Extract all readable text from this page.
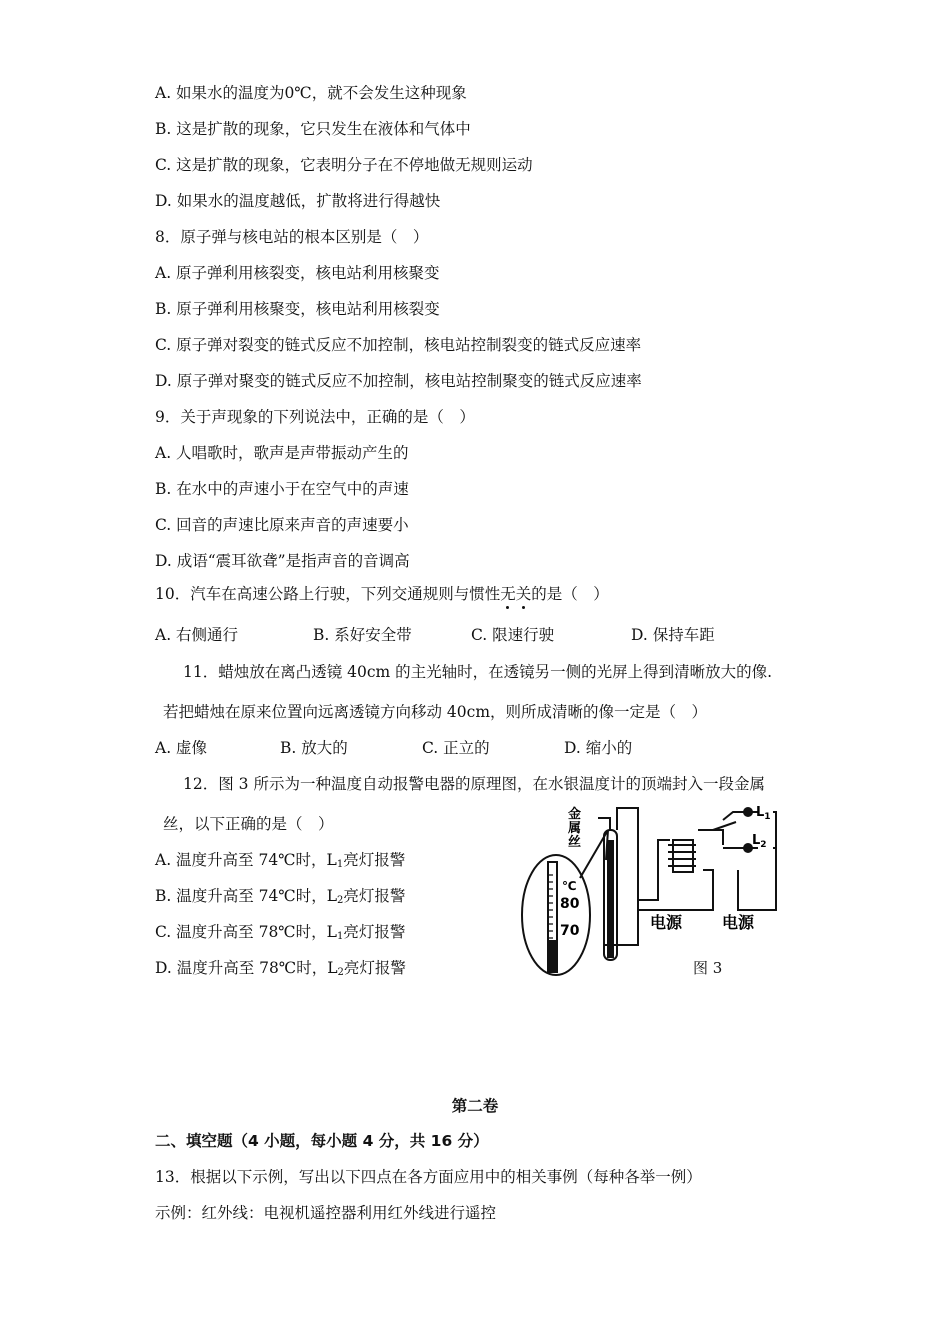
A. 如果水的温度为0℃，就不会发生这种现象
B. 这是扩散的现象，它只发生在液体和气体中
C. 这是扩散的现象，它表明分子在不停地做无规则运动
D. 如果水的温度越低，扩散将进行得越快
8．原子弹与核电站的根本区别是（　）
A. 原子弹利用核裂变，核电站利用核聚变
B. 原子弹利用核聚变，核电站利用核裂变
C. 原子弹对裂变的链式反应不加控制，核电站控制裂变的链式反应速率
D. 原子弹对聚变的链式反应不加控制，核电站控制聚变的链式反应速率
9．关于声现象的下列说法中，正确的是（　）
A. 人唱歌时，歌声是声带振动产生的
B. 在水中的声速小于在空气中的声速
C. 回音的声速比原来声音的声速要小
D. 成语“震耳欲聋”是指声音的音调高
10．汽车在高速公路上行驶，下列交通规则与惯性无关的是（　）
A. 右侧通行	B. 系好安全带	C. 限速行驶	D. 保持车距
11．蜡烛放在离凸透镜 40cm 的主光轴时，在透镜另一侧的光屏上得到清晰放大的像.
若把蜡烛在原来位置向远离透镜方向移动 40cm，则所成清晰的像一定是（　）
A. 虚像	B. 放大的	C. 正立的	D. 缩小的
12．图 3 所示为一种温度自动报警电器的原理图，在水银温度计的顶端封入一段金属
丝，以下正确的是（　）
A. 温度升高至 74℃时，$L_1$亮灯报警
B. 温度升高至 74℃时，$L_2$亮灯报警
C. 温度升高至 78℃时，$L_1$亮灯报警
D. 温度升高至 78℃时，$L_2$亮灯报警
金
属
丝
℃
80
70	电源 电源
$L_1$
$L_2$
图 3
第二卷
二、填空题（4 小题，每小题 4 分，共 16 分）
13．根据以下示例，写出以下四点在各方面应用中的相关事例（每种各举一例）
示例：红外线：电视机遥控器利用红外线进行遥控
